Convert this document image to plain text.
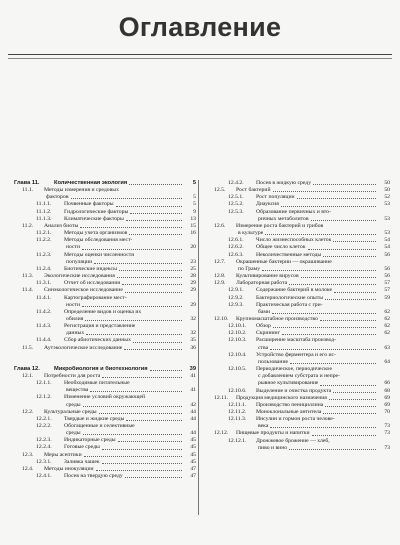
Оглавление
Глава 11.	Количественная экология	5
11.1.	Методы измерения и средовых
факторов	5
11.1.1.	Почвенные факторы	5
11.1.2.	Гидрологические факторы	9
11.1.3.	Климатические факторы	13
11.2.	Анализ биоты	15
11.2.1.	Методы учета организмов	16
11.2.2.	Методы обследования мест-
ности	20
11.2.3.	Методы оценки численности
популяции	23
11.2.4.	Биотические индексы	25
11.3.	Экологические исследования	28
11.3.1.	Отчет об исследовании	29
11.4.	Синэкологическое исследование	29
11.4.1.	Картографирование мест-
ности	29
11.4.2.	Определение видов и оценка их
обилия	32
11.4.3.	Регистрация и представление
данных	32
11.4.4.	Сбор абиотических данных	35
11.5.	Аутэкологическое исследование	36
Глава 12.	Микробиология и биотехнология	39
12.1.	Потребности для роста	41
12.1.1.	Необходимые питательные
вещества	41
12.1.2.	Изменение условий окружающей
среды	42
12.2.	Культуральные среды	44
12.2.1.	Твердые и жидкие среды	44
12.2.2.	Обогащенные и селективные
среды	44
12.2.3.	Индикаторные среды	45
12.2.4.	Готовые среды	45
12.3.	Меры асептики	45
12.3.1.	Заливка чашек	45
12.4.	Методы инокуляции	47
12.4.1.	Посев на твердую среду	47
12.4.2.	Посев в жидкую среду	50
12.5.	Рост бактерий	50
12.5.1.	Рост популяции	52
12.5.2.	Диауксия	53
12.5.3.	Образование первичных и вто-
ричных метаболитов	53
12.6.	Измерение роста бактерий и грибов
в культуре	53
12.6.1.	Число жизнеспособных клеток	54
12.6.2.	Общее число клеток	54
12.6.3.	Неколичественные методы	56
12.7.	Окрашенные бактерии — окрашивание
по Граму	56
12.8.	Культивирование вирусов	56
12.9.	Лабораторная работа	57
12.9.1.	Содержание бактерий в молоке	57
12.9.2.	Бактериологические опыты	59
12.9.3.	Практическая работа с гри-
бами	62
12.10.	Крупномасштабное производство	62
12.10.1.	Обзор	62
12.10.2.	Скрининг	62
12.10.3.	Расширение масштаба производ-
ства	63
12.10.4.	Устройство ферментера и его ис-
пользование	64
12.10.5.	Периодическое, периодическое
с добавлением субстрата и непре-
рывное культивирование	66
12.10.6.	Выделение и очистка продукта	68
12.11.	Продукция медицинского назначения	69
12.11.1.	Производство пенициллина	69
12.11.2.	Моноклональные антитела	70
12.11.3.	Инсулин и гормон роста челове-
века	73
12.12.	Пищевые продукты и напитки	73
12.12.1.	Дрожжевое брожение — хлеб,
пиво и вино	73
